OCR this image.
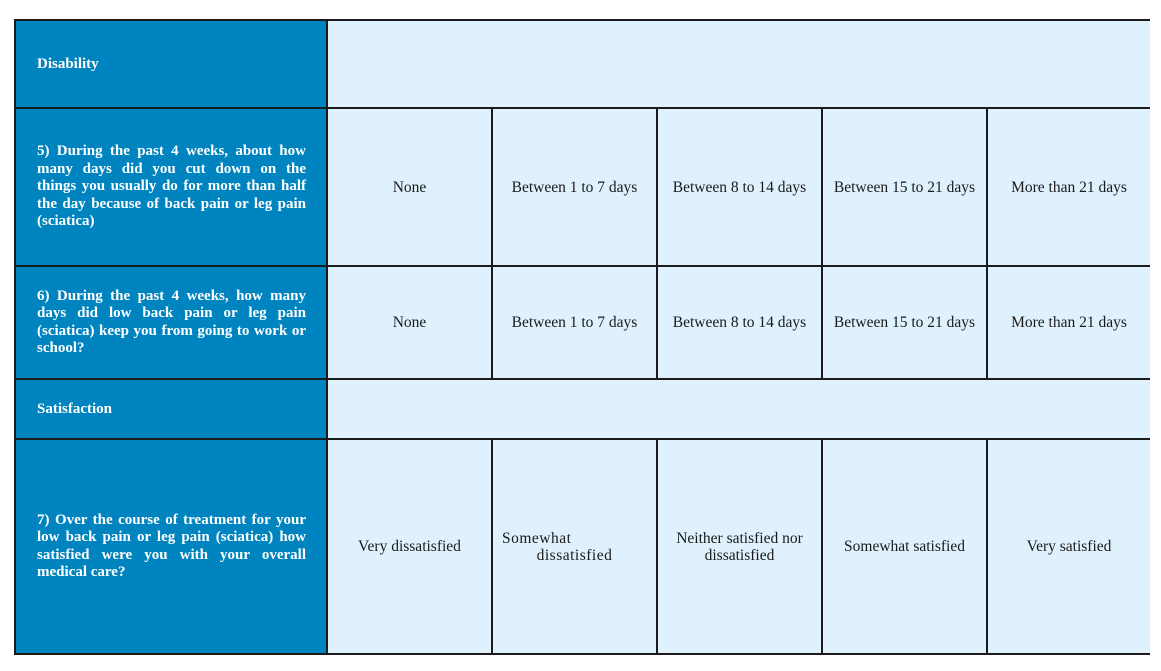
Disability					
5) During the past 4 weeks, about how many days did you cut down on the things you usually do for more than half the day because of back pain or leg pain (sciatica)	None	Between 1 to 7 days	Between 8 to 14 days	Between 15 to 21 days	More than 21 days
6) During the past 4 weeks, how many days did low back pain or leg pain (sciatica) keep you from going to work or school?	None	Between 1 to 7 days	Between 8 to 14 days	Between 15 to 21 days	More than 21 days
Satisfaction					
7) Over the course of treatment for your low back pain or leg pain (sciatica) how satisfied were you with your overall medical care?	Very dissatisfied	Somewhat dissatisfied	Neither satisfied nor dissatisfied	Somewhat satisfied	Very satisfied
